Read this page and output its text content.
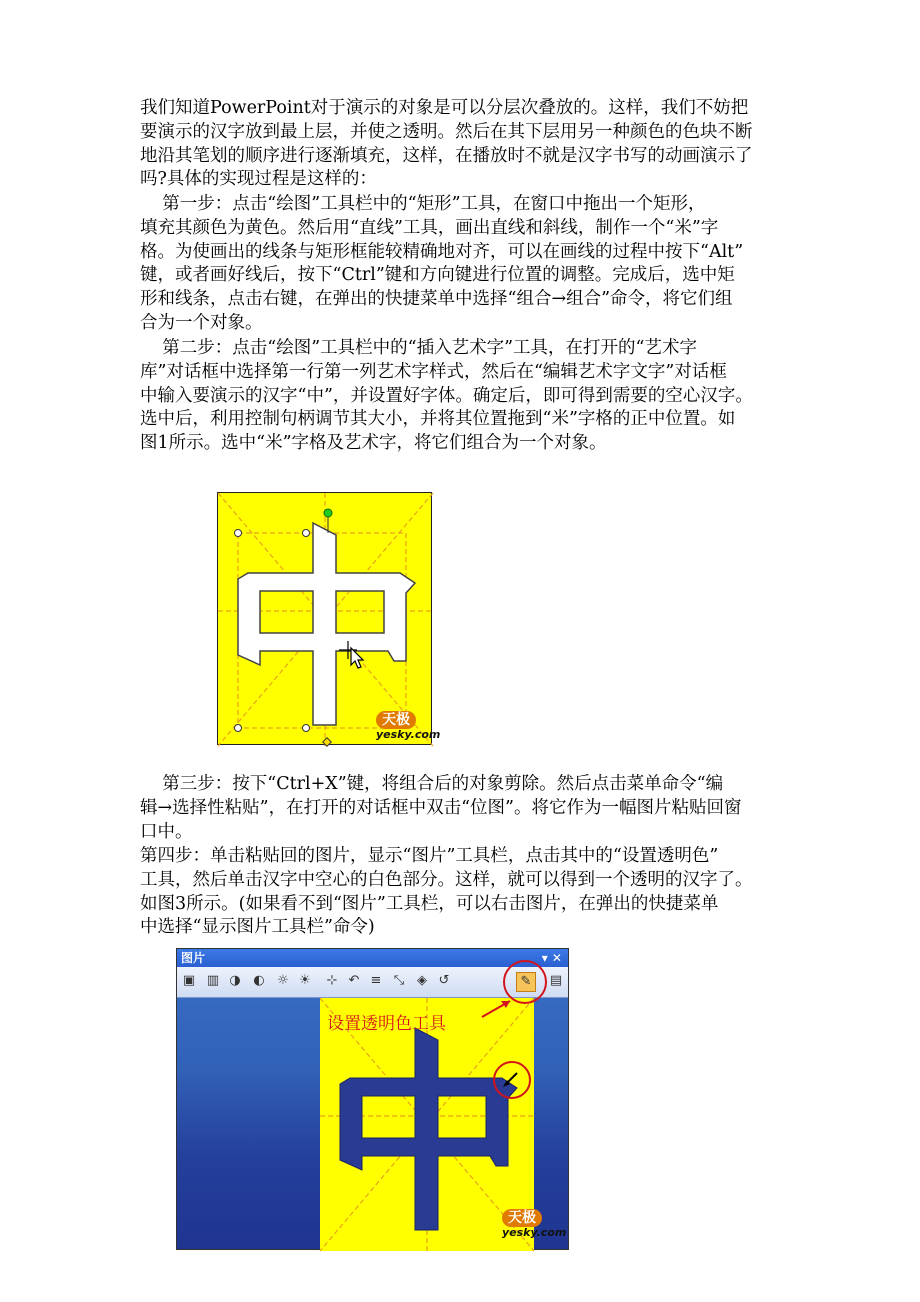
我们知道PowerPoint对于演示的对象是可以分层次叠放的。这样，我们不妨把
要演示的汉字放到最上层，并使之透明。然后在其下层用另一种颜色的色块不断
地沿其笔划的顺序进行逐渐填充，这样，在播放时不就是汉字书写的动画演示了
吗?具体的实现过程是这样的：
第一步：点击“绘图”工具栏中的“矩形”工具，在窗口中拖出一个矩形，
填充其颜色为黄色。然后用“直线”工具，画出直线和斜线，制作一个“米”字
格。为使画出的线条与矩形框能较精确地对齐，可以在画线的过程中按下“Alt”
键，或者画好线后，按下“Ctrl”键和方向键进行位置的调整。完成后，选中矩
形和线条，点击右键，在弹出的快捷菜单中选择“组合→组合”命令，将它们组
合为一个对象。
第二步：点击“绘图”工具栏中的“插入艺术字”工具，在打开的“艺术字
库”对话框中选择第一行第一列艺术字样式，然后在“编辑艺术字文字”对话框
中输入要演示的汉字“中”，并设置好字体。确定后，即可得到需要的空心汉字。
选中后，利用控制句柄调节其大小，并将其位置拖到“米”字格的正中位置。如
图1所示。选中“米”字格及艺术字，将它们组合为一个对象。
天极
yesky.com
第三步：按下“Ctrl+X”键，将组合后的对象剪除。然后点击菜单命令“编
辑→选择性粘贴”，在打开的对话框中双击“位图”。将它作为一幅图片粘贴回窗
口中。
第四步：单击粘贴回的图片，显示“图片”工具栏，点击其中的“设置透明色”
工具，然后单击汉字中空心的白色部分。这样，就可以得到一个透明的汉字了。
如图3所示。(如果看不到“图片”工具栏，可以右击图片，在弹出的快捷菜单
中选择“显示图片工具栏”命令)
图片	▾ ✕
▣ ▥ ◑ ◐ ☼ ☀ ⊹ ↶ ≡ ⤡ ◈ ↺	✎	▤
设置透明色工具
天极
yesky.com
